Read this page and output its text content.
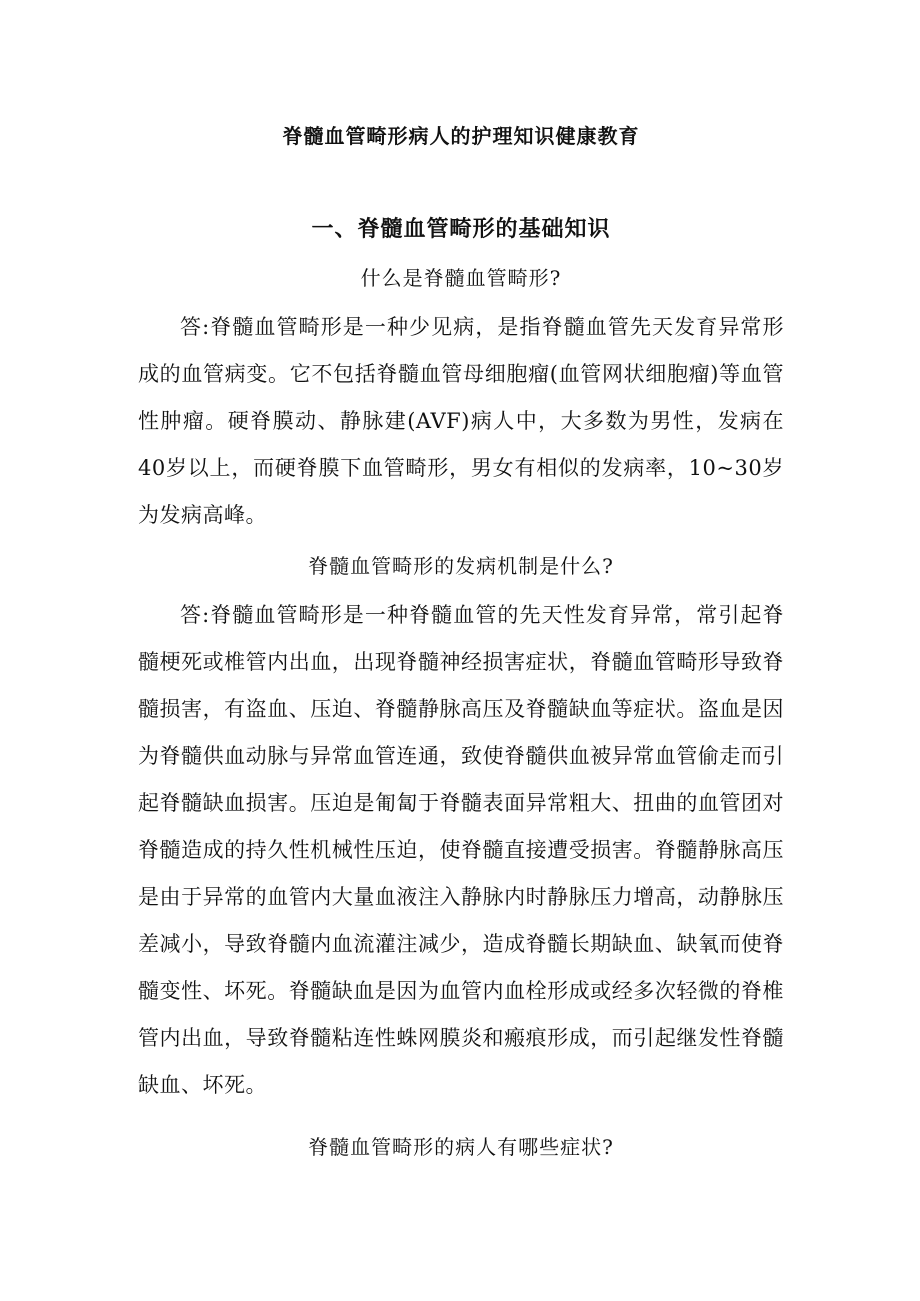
脊髓血管畸形病人的护理知识健康教育
一、脊髓血管畸形的基础知识

什么是脊髓血管畸形?

答:脊髓血管畸形是一种少见病，是指脊髓血管先天发育异常形成的血管病变。它不包括脊髓血管母细胞瘤(血管网状细胞瘤)等血管性肿瘤。硬脊膜动、静脉建(AVF)病人中，大多数为男性，发病在40岁以上，而硬脊膜下血管畸形，男女有相似的发病率，10~30岁为发病高峰。

脊髓血管畸形的发病机制是什么?

答:脊髓血管畸形是一种脊髓血管的先天性发育异常，常引起脊髓梗死或椎管内出血，出现脊髓神经损害症状，脊髓血管畸形导致脊髓损害，有盗血、压迫、脊髓静脉高压及脊髓缺血等症状。盗血是因为脊髓供血动脉与异常血管连通，致使脊髓供血被异常血管偷走而引起脊髓缺血损害。压迫是匍匐于脊髓表面异常粗大、扭曲的血管团对脊髓造成的持久性机械性压迫，使脊髓直接遭受损害。脊髓静脉高压是由于异常的血管内大量血液注入静脉内时静脉压力增高，动静脉压差减小，导致脊髓内血流灌注减少，造成脊髓长期缺血、缺氧而使脊髓变性、坏死。脊髓缺血是因为血管内血栓形成或经多次轻微的脊椎管内出血，导致脊髓粘连性蛛网膜炎和瘢痕形成，而引起继发性脊髓缺血、坏死。

脊髓血管畸形的病人有哪些症状?
